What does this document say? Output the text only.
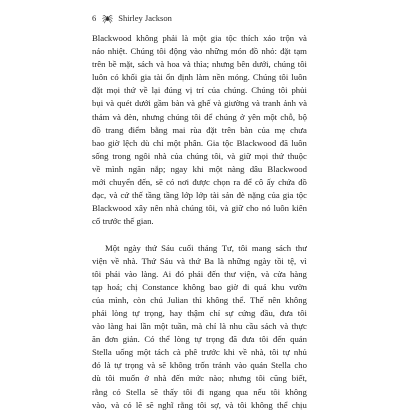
6	Shirley Jackson
Blackwood không phải là một gia tộc thích xáo trộn và
náo nhiệt. Chúng tôi động vào những món đồ nhỏ: đặt tạm
trên bề mặt, sách và hoa và thìa; nhưng bên dưới, chúng tôi
luôn có khối gia tài ổn định làm nền móng. Chúng tôi luôn
đặt mọi thứ về lại đúng vị trí của chúng. Chúng tôi phủi
bụi và quét dưới gầm bàn và ghế và giường và tranh ảnh và
thảm và đèn, nhưng chúng tôi để chúng ở yên một chỗ, bộ
đồ trang điểm bằng mai rùa đặt trên bàn của mẹ chưa
bao giờ lệch dù chỉ một phân. Gia tộc Blackwood đã luôn
sống trong ngôi nhà của chúng tôi, và giữ mọi thứ thuộc
về mình ngăn nắp; ngay khi một nàng dâu Blackwood
mới chuyển đến, sẽ có nơi được chọn ra để cô ấy chứa đồ
đạc, và cứ thế tầng tầng lớp lớp tài sản đè nặng của gia tộc
Blackwood xây nên nhà chúng tôi, và giữ cho nó luôn kiên
cố trước thế gian.
Một ngày thứ Sáu cuối tháng Tư, tôi mang sách thư
viện về nhà. Thứ Sáu và thứ Ba là những ngày tồi tệ, vì
tôi phải vào làng. Ai đó phải đến thư viện, và cửa hàng
tạp hoá; chị Constance không bao giờ đi quá khu vườn
của mình, còn chú Julian thì không thể. Thế nên không
phải lòng tự trọng, hay thậm chí sự cứng đầu, đưa tôi
vào làng hai lần một tuần, mà chỉ là nhu cầu sách và thực
ăn đơn giản. Có thể lòng tự trọng đã đưa tôi đến quán
Stella uống một tách cà phê trước khi về nhà, tôi tự nhủ
đó là tự trọng và sẽ không trốn tránh vào quán Stella cho
dù tôi muốn ở nhà đến mức nào; nhưng tôi cũng biết,
rằng có Stella sẽ thấy tôi đi ngang qua nếu tôi không
vào, và có lẽ sẽ nghĩ rằng tôi sợ, và tôi không thể chịu
